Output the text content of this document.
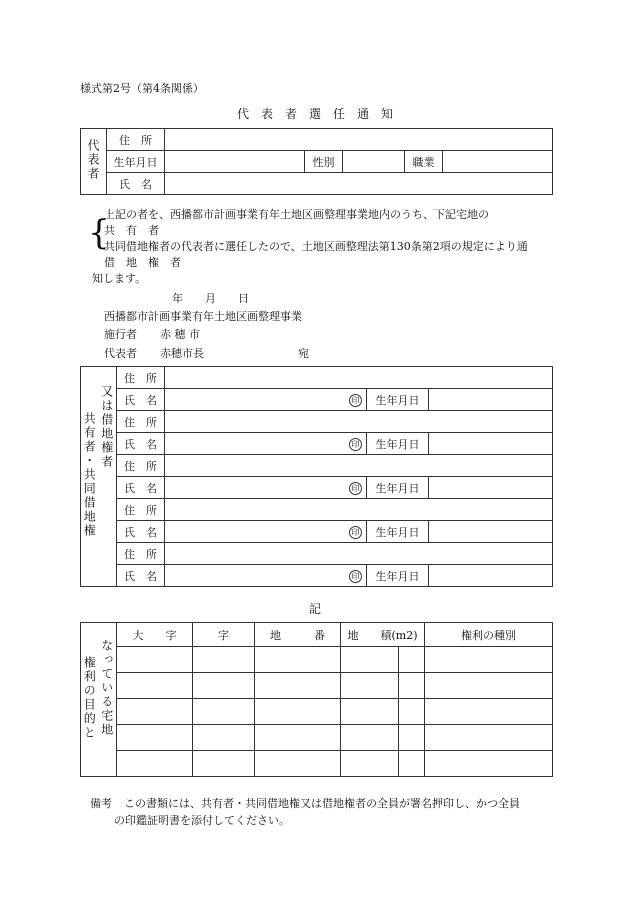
様式第2号（第4条関係）
代　表　者　選　任　通　知
代表者	住　所					
	生年月日		性別		職業	
	氏　名					
上記の者を、西播都市計画事業有年土地区画整理事業地内のうち、下記宅地の
{
共　有　者
共同借地権者の代表者に選任したので、土地区画整理法第130条第2項の規定により通
借　地　権　者
知します。
年　　月　　日
西播都市計画事業有年土地区画整理事業
施行者 赤 穂 市
代表者 赤穂市長	宛
共有者・共同借地権	又は借地権者	住　所			
		氏　名	印	生年月日	
		住　所			
		氏　名	印	生年月日	
		住　所			
		氏　名	印	生年月日	
		住　所			
		氏　名	印	生年月日	
		住　所			
		氏　名	印	生年月日	
記
権利の目的と	なっている宅地	大　　字	字	地　　　番	地　　積(m2)		権利の種別

備考 この書類には、共有者・共同借地権又は借地権者の全員が署名押印し、かつ全員
の印鑑証明書を添付してください。
